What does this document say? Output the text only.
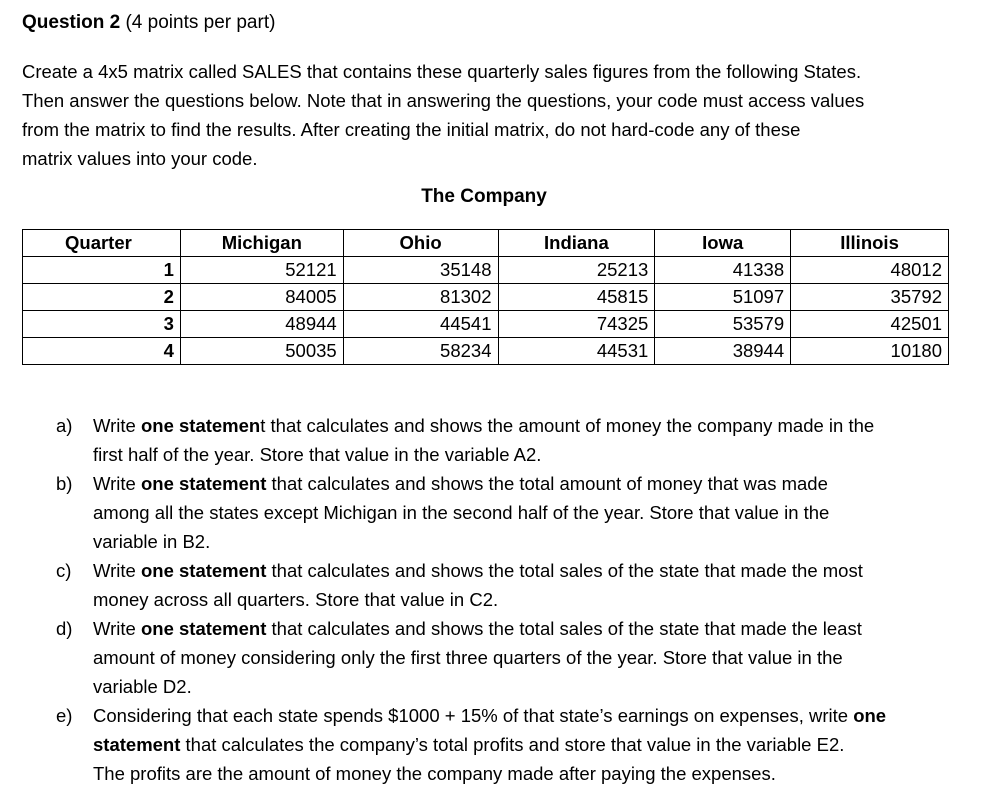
Question 2 (4 points per part)
Create a 4x5 matrix called SALES that contains these quarterly sales figures from the following States.
Then answer the questions below. Note that in answering the questions, your code must access values
from the matrix to find the results. After creating the initial matrix, do not hard-code any of these
matrix values into your code.
The Company
Quarter	Michigan	Ohio	Indiana	Iowa	Illinois
1	52121	35148	25213	41338	48012
2	84005	81302	45815	51097	35792
3	48944	44541	74325	53579	42501
4	50035	58234	44531	38944	10180
a) Write one statement that calculates and shows the amount of money the company made in the
first half of the year. Store that value in the variable A2.
b) Write one statement that calculates and shows the total amount of money that was made
among all the states except Michigan in the second half of the year. Store that value in the
variable in B2.
c) Write one statement that calculates and shows the total sales of the state that made the most
money across all quarters. Store that value in C2.
d) Write one statement that calculates and shows the total sales of the state that made the least
amount of money considering only the first three quarters of the year. Store that value in the
variable D2.
e) Considering that each state spends $1000 + 15% of that state’s earnings on expenses, write one
statement that calculates the company’s total profits and store that value in the variable E2.
The profits are the amount of money the company made after paying the expenses.
